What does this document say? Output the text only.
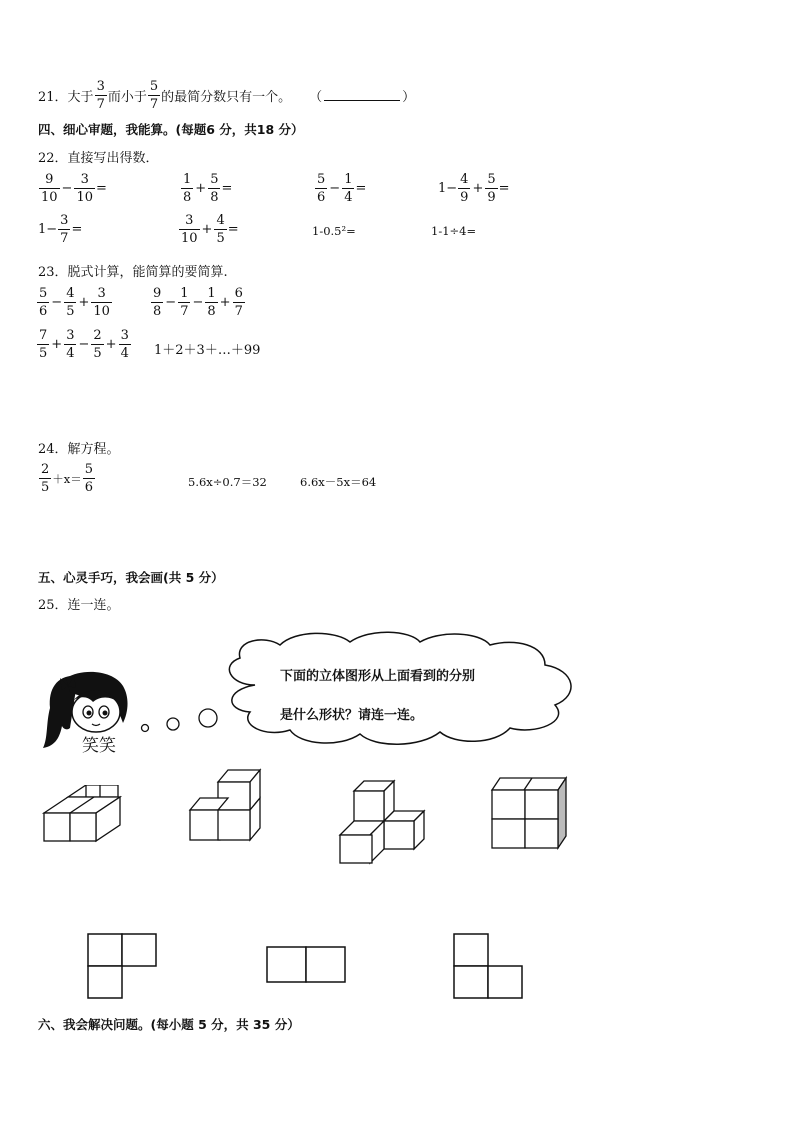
21． 大于 $\frac{3}{7}$ 而小于 $\frac{5}{7}$ 的最简分数只有一个。 （	）
四、细心审题，我能算。(每题6 分，共18 分）
22．直接写出得数．
$\frac{9}{10} - \frac{3}{10}$ =	$\frac{1}{8} + \frac{5}{8}$ =	$\frac{5}{6} - \frac{1}{4}$ =	$1- \frac{4}{9} + \frac{5}{9}$ =
$1- \frac{3}{7}$ =	$\frac{3}{10} + \frac{4}{5}$ =	1-0.5²=	1-1÷4=
23．脱式计算，能简算的要简算.
$\frac{5}{6} - \frac{4}{5} + \frac{3}{10}$	$\frac{9}{8} - \frac{1}{7} - \frac{1}{8} + \frac{6}{7}$
$\frac{7}{5} + \frac{3}{4} - \frac{2}{5} + \frac{3}{4}$ 1＋2＋3＋…＋99
24．解方程。
$\frac{2}{5} +x= \frac{5}{6}$	5.6x÷0.7＝32	6.6x－5x＝64
五、心灵手巧，我会画(共 5 分）
25．连一连。
下面的立体图形从上面看到的分别
是什么形状？请连一连。
笑笑
六、我会解决问题。(每小题 5 分，共 35 分）
